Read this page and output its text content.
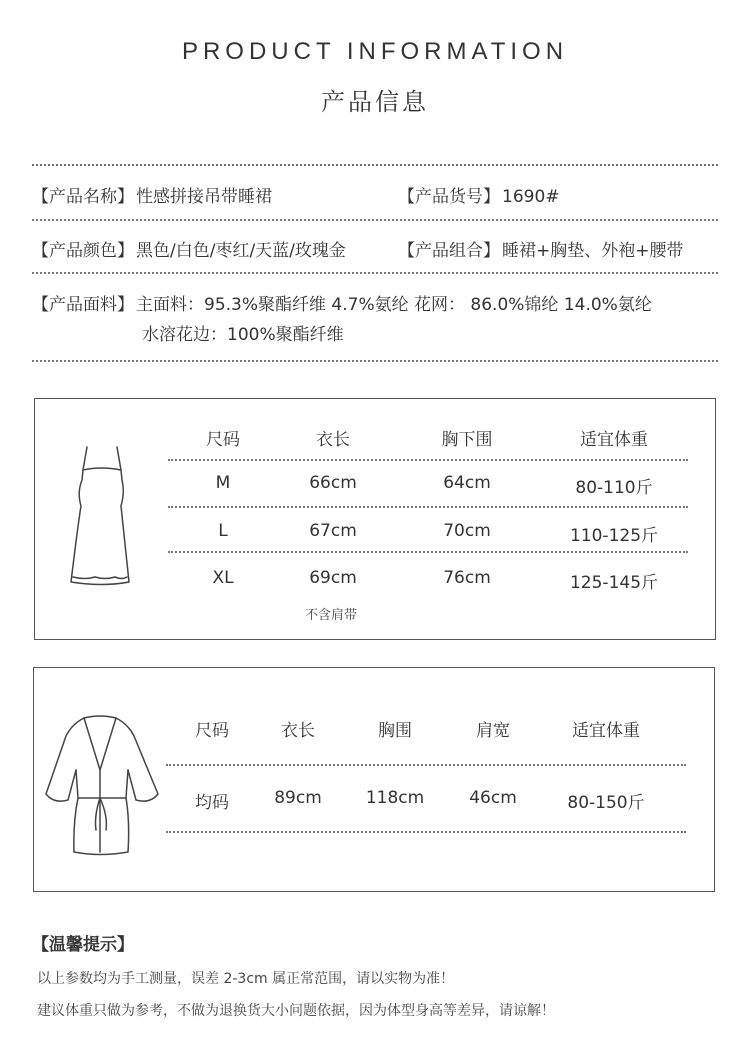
PRODUCT INFORMATION
产品信息
【产品名称】 性感拼接吊带睡裙	【产品货号】 1690#
【产品颜色】 黑色/白色/枣红/天蓝/玫瑰金	【产品组合】 睡裙+胸垫、外袍+腰带
【产品面料】 主面料：95.3%聚酯纤维 4.7%氨纶 花网： 86.0%锦纶 14.0%氨纶
水溶花边：100%聚酯纤维
尺码	衣长	胸下围	适宜体重
M	66cm	64cm	80-110斤
L	67cm	70cm	110-125斤
XL	69cm	76cm	125-145斤
不含肩带
尺码	衣长	胸围	肩宽	适宜体重
均码	89cm	118cm	46cm	80-150斤
【温馨提示】
以上参数均为手工测量，误差 2-3cm 属正常范围，请以实物为准！
建议体重只做为参考，不做为退换货大小问题依据，因为体型身高等差异，请谅解！
